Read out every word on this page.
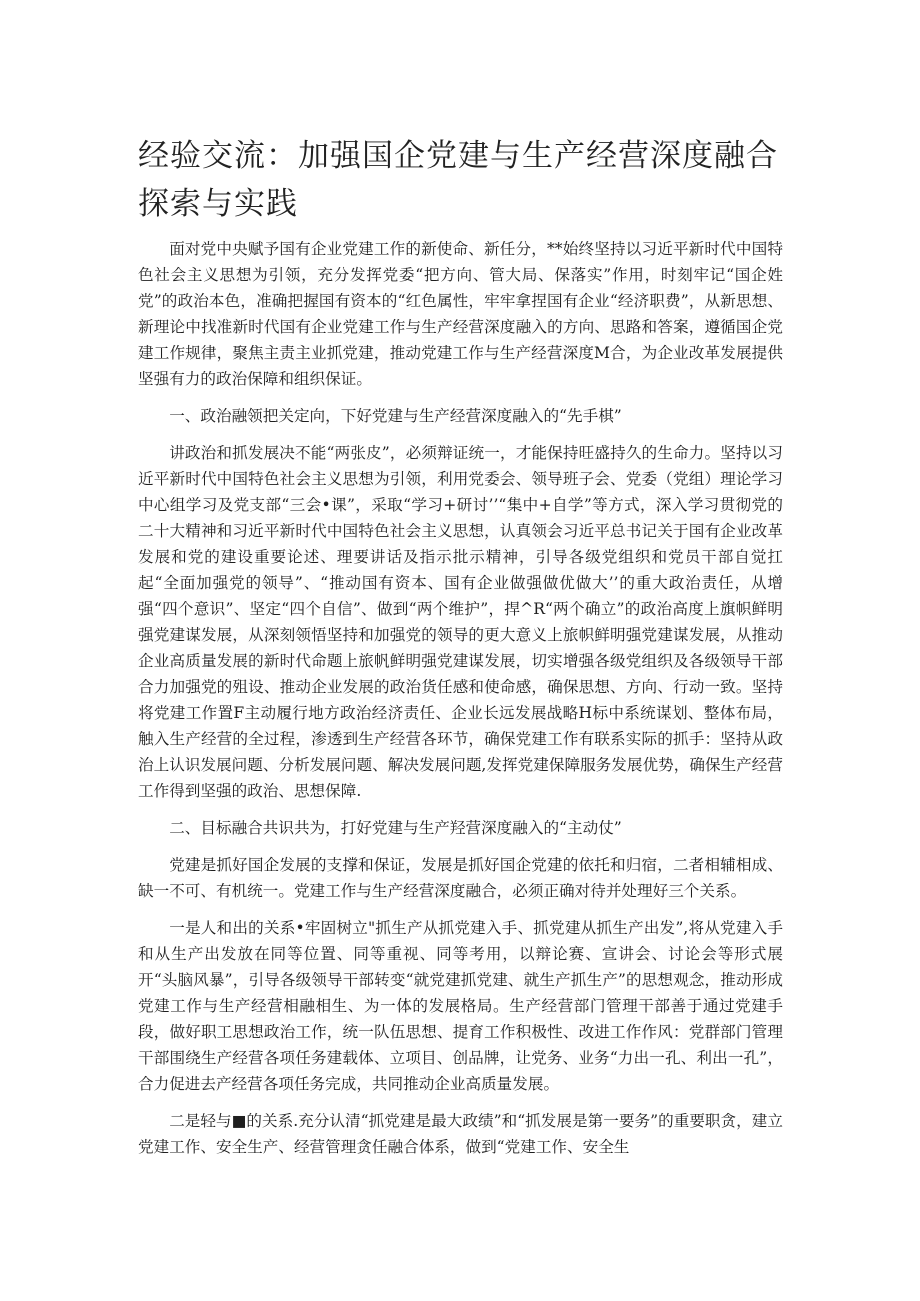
经验交流：加强国企党建与生产经营深度融合探索与实践

面对党中央赋予国有企业党建工作的新使命、新任分，**始终坚持以习近平新时代中国特色社会主义思想为引领，充分发挥党委“把方向、管大局、保落实”作用，时刻牢记“国企姓党”的政治本色，准确把握国有资本的“红色属性，牢牢拿捏国有企业“经济职费”，从新思想、新理论中找准新时代国有企业党建工作与生产经营深度融入的方向、思路和答案，遵循国企党建工作规律，聚焦主责主业抓党建，推动党建工作与生产经营深度M合，为企业改革发展提供坚强有力的政治保障和组织保证。

一、政治融领把关定向，下好党建与生产经营深度融入的“先手棋”

讲政治和抓发展决不能“两张皮”，必须辩证统一，才能保持旺盛持久的生命力。坚持以习近平新时代中国特色社会主义思想为引领，利用党委会、领导班子会、党委（党组）理论学习中心组学习及党支部“三会•课”，采取“学习+研讨’’“集中+自学”等方式，深入学习贯彻党的二十大精神和习近平新时代中国特色社会主义思想，认真领会习近平总书记关于国有企业改革发展和党的建设重要论述、理要讲话及指示批示精神，引导各级党组织和党员干部自觉扛起“全面加强党的领导”、“推动国有资本、国有企业做强做优做大’’的重大政治责任，从增强“四个意识”、坚定“四个自信”、做到“两个维护”，捍^R“两个确立”的政治高度上旗帜鲜明强党建谋发展，从深刻领悟坚持和加强党的领导的更大意义上旅帜鲜明强党建谋发展，从推动企业高质量发展的新时代命题上旅帆鲜明强党建谋发展，切实增强各级党组织及各级领导干部合力加强党的殂设、推动企业发展的政治货任感和使命感，确保思想、方向、行动一致。坚持将党建工作置F主动履行地方政治经济责任、企业长远发展战略H标中系统谋划、整体布局，触入生产经营的全过程，渗透到生产经营各环节，确保党建工作有联系实际的抓手：坚持从政治上认识发展问题、分析发展问题、解决发展问题,发挥党建保障服务发展优势，确保生产经营工作得到坚强的政治、思想保障.

二、目标融合共识共为，打好党建与生产羟营深度融入的“主动仗”

党建是抓好国企发展的支撑和保证，发展是抓好国企党建的依托和归宿，二者相辅相成、缺一不可、有机统一。党建工作与生产经营深度融合，必须正确对待并处理好三个关系。

一是人和出的关系•牢固树立"抓生产从抓党建入手、抓党建从抓生产出发”,将从党建入手和从生产出发放在同等位置、同等重视、同等考用，以辩论赛、宣讲会、讨论会等形式展开“头脑风暴”，引导各级领导干部转变“就党建抓党建、就生产抓生产”的思想观念，推动形成党建工作与生产经营相融相生、为一体的发展格局。生产经营部门管理干部善于通过党建手段，做好职工思想政治工作，统一队伍思想、提育工作积极性、改进工作作风：党群部门管理干部围绕生产经营各项任务建载体、立项目、创品牌，让党务、业务“力出一孔、利出一孔”，合力促进去产经营各项任务完成，共同推动企业高质量发展。

二是轻与■的关系.充分认清“抓党建是最大政绩”和“抓发展是第一要务”的重要职贪，建立党建工作、安全生产、经营管理贪任融合体系，做到“党建工作、安全生
